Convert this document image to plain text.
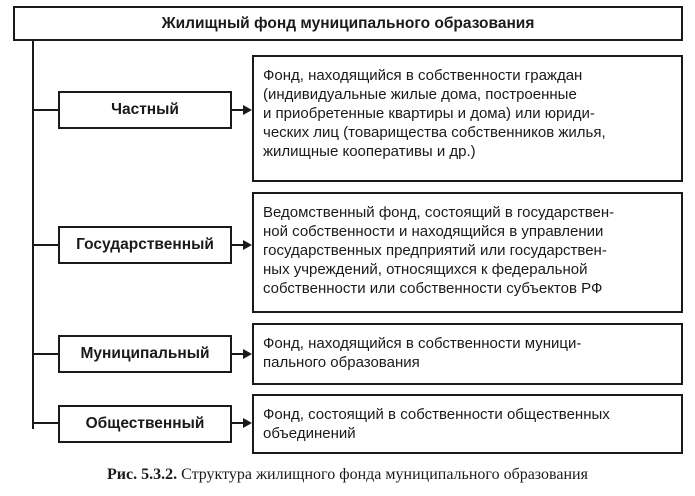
Жилищный фонд муниципального образования
Частный
Фонд, находящийся в собственности граждан
(индивидуальные жилые дома, построенные
и приобретенные квартиры и дома) или юриди-
ческих лиц (товарищества собственников жилья,
жилищные кооперативы и др.)
Государственный
Ведомственный фонд, состоящий в государствен-
ной собственности и находящийся в управлении
государственных предприятий или государствен-
ных учреждений, относящихся к федеральной
собственности или собственности субъектов РФ
Муниципальный
Фонд, находящийся в собственности муници-
пального образования
Общественный
Фонд, состоящий в собственности общественных
объединений
Рис. 5.3.2. Структура жилищного фонда муниципального образования
